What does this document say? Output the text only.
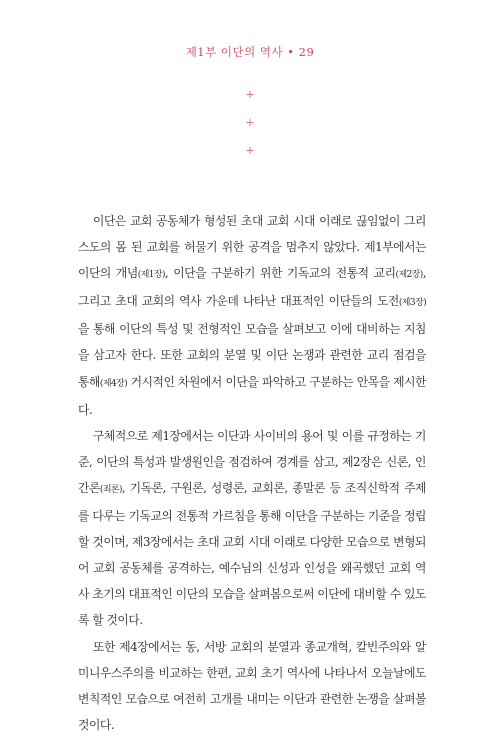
제1부 이단의 역사 • 29
+
+
+

이단은 교회 공동체가 형성된 초대 교회 시대 이래로 끊임없이 그리스도의 몸 된 교회를 허물기 위한 공격을 멈추지 않았다. 제1부에서는 이단의 개념(제1장), 이단을 구분하기 위한 기독교의 전통적 교리(제2장), 그리고 초대 교회의 역사 가운데 나타난 대표적인 이단들의 도전(제3장)을 통해 이단의 특성 및 전형적인 모습을 살펴보고 이에 대비하는 지침을 삼고자 한다. 또한 교회의 분열 및 이단 논쟁과 관련한 교리 점검을 통해(제4장) 거시적인 차원에서 이단을 파악하고 구분하는 안목을 제시한다.

구체적으로 제1장에서는 이단과 사이비의 용어 및 이를 규정하는 기준, 이단의 특성과 발생원인을 점검하여 경계를 삼고, 제2장은 신론, 인간론(죄론), 기독론, 구원론, 성령론, 교회론, 종말론 등 조직신학적 주제를 다루는 기독교의 전통적 가르침을 통해 이단을 구분하는 기준을 정립할 것이며, 제3장에서는 초대 교회 시대 이래로 다양한 모습으로 변형되어 교회 공동체를 공격하는, 예수님의 신성과 인성을 왜곡했던 교회 역사 초기의 대표적인 이단의 모습을 살펴봄으로써 이단에 대비할 수 있도록 할 것이다.

또한 제4장에서는 동, 서방 교회의 분열과 종교개혁, 칼빈주의와 알미니우스주의를 비교하는 한편, 교회 초기 역사에 나타나서 오늘날에도 변칙적인 모습으로 여전히 고개를 내미는 이단과 관련한 논쟁을 살펴볼 것이다.
